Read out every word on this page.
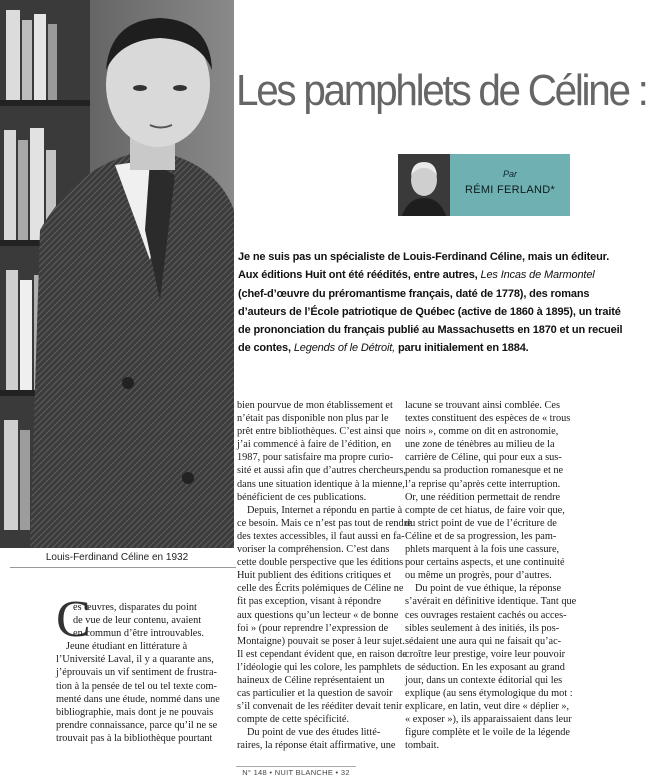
Louis-Ferdinand Céline en 1932
Les pamphlets de Céline :
Par
RÉMI FERLAND*
Je ne suis pas un spécialiste de Louis-Ferdinand Céline, mais un éditeur.
Aux éditions Huit ont été réédités, entre autres, Les Incas de Marmontel
(chef-d’œuvre du préromantisme français, daté de 1778), des romans
d’auteurs de l’École patriotique de Québec (active de 1860 à 1895), un traité
de prononciation du français publié au Massachusetts en 1870 et un recueil
de contes, Legends of le Détroit, paru initialement en 1884.
C
es œuvres, disparates du point
de vue de leur contenu, avaient
en commun d’être introuvables.
Jeune étudiant en littérature à
l’Université Laval, il y a quarante ans,
j’éprouvais un vif sentiment de frustra-
tion à la pensée de tel ou tel texte com-
menté dans une étude, nommé dans une
bibliographie, mais dont je ne pouvais
prendre connaissance, parce qu’il ne se
trouvait pas à la bibliothèque pourtant
bien pourvue de mon établissement et
n’était pas disponible non plus par le
prêt entre bibliothèques. C’est ainsi que
j’ai commencé à faire de l’édition, en
1987, pour satisfaire ma propre curio-
sité et aussi afin que d’autres chercheurs,
dans une situation identique à la mienne,
bénéficient de ces publications.
Depuis, Internet a répondu en partie à
ce besoin. Mais ce n’est pas tout de rendre
des textes accessibles, il faut aussi en fa-
voriser la compréhension. C’est dans
cette double perspective que les éditions
Huit publient des éditions critiques et
celle des Écrits polémiques de Céline ne
fit pas exception, visant à répondre
aux questions qu’un lecteur « de bonne
foi » (pour reprendre l’expression de
Montaigne) pouvait se poser à leur sujet.
Il est cependant évident que, en raison de
l’idéologie qui les colore, les pamphlets
haineux de Céline représentaient un
cas particulier et la question de savoir
s’il convenait de les rééditer devait tenir
compte de cette spécificité.
Du point de vue des études litté-
raires, la réponse était affirmative, une
lacune se trouvant ainsi comblée. Ces
textes constituent des espèces de « trous
noirs », comme on dit en astronomie,
une zone de ténèbres au milieu de la
carrière de Céline, qui pour eux a sus-
pendu sa production romanesque et ne
l’a reprise qu’après cette interruption.
Or, une réédition permettait de rendre
compte de cet hiatus, de faire voir que,
du strict point de vue de l’écriture de
Céline et de sa progression, les pam-
phlets marquent à la fois une cassure,
pour certains aspects, et une continuité
ou même un progrès, pour d’autres.
Du point de vue éthique, la réponse
s’avérait en définitive identique. Tant que
ces ouvrages restaient cachés ou acces-
sibles seulement à des initiés, ils pos-
sédaient une aura qui ne faisait qu’ac-
croître leur prestige, voire leur pouvoir
de séduction. En les exposant au grand
jour, dans un contexte éditorial qui les
explique (au sens étymologique du mot :
explicare, en latin, veut dire « déplier »,
« exposer »), ils apparaissaient dans leur
figure complète et le voile de la légende
tombait.
N° 148 • NUIT BLANCHE • 32
